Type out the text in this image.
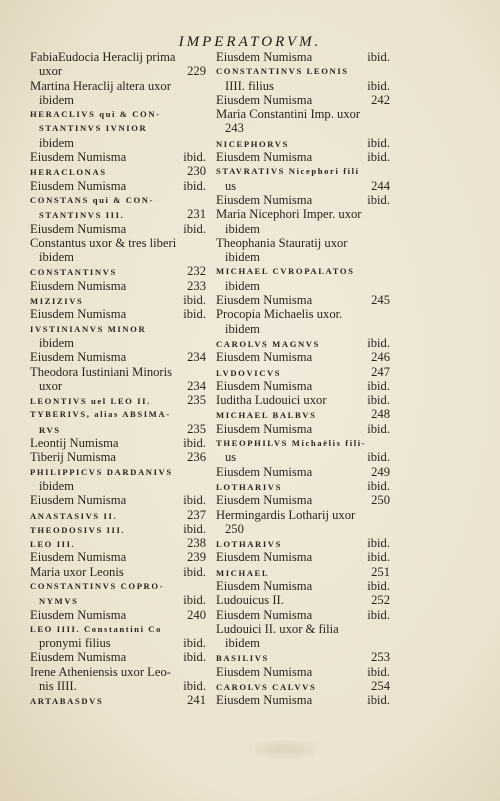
IMPERATORVM.
FabiaEudocia Heraclij prima
uxor	229
Martina Heraclij altera uxor
ibidem
HERACLIVS qui & CON-
STANTINVS IVNIOR
ibidem
Eiusdem Numisma	ibid.
HERACLONAS	230
Eiusdem Numisma	ibid.
CONSTANS qui & CON-
STANTINVS III.	231
Eiusdem Numisma	ibid.
Constantus uxor & tres liberi
ibidem
CONSTANTINVS	232
Eiusdem Numisma	233
MIZIZIVS	ibid.
Eiusdem Numisma	ibid.
IVSTINIANVS MINOR
ibidem
Eiusdem Numisma	234
Theodora Iustiniani Minoris
uxor	234
LEONTIVS uel LEO II.	235
TYBERIVS, alias ABSIMA-
RVS	235
Leontij Numisma	ibid.
Tiberij Numisma	236
PHILIPPICVS DARDANIVS
ibidem
Eiusdem Numisma	ibid.
ANASTASIVS II.	237
THEODOSIVS III.	ibid.
LEO III.	238
Eiusdem Numisma	239
Maria uxor Leonis	ibid.
CONSTANTINVS COPRO-
NYMVS	ibid.
Eiusdem Numisma	240
LEO IIII. Constantini Co
pronymi filius	ibid.
Eiusdem Numisma	ibid.
Irene Atheniensis uxor Leo-
nis IIII.	ibid.
ARTABASDVS	241
Eiusdem Numisma	ibid.
CONSTANTINVS LEONIS
IIII. filius	ibid.
Eiusdem Numisma	242
Maria Constantini Imp. uxor
243
NICEPHORVS	ibid.
Eiusdem Numisma	ibid.
STAVRATIVS Nicephori fili
us	244
Eiusdem Numisma	ibid.
Maria Nicephori Imper. uxor
ibidem
Theophania Stauratij uxor
ibidem
MICHAEL CVROPALATOS
ibidem
Eiusdem Numisma	245
Procopia Michaelis uxor.
ibidem
CAROLVS MAGNVS	ibid.
Eiusdem Numisma	246
LVDOVICVS	247
Eiusdem Numisma	ibid.
Iuditha Ludouici uxor	ibid.
MICHAEL BALBVS	248
Eiusdem Numisma	ibid.
THEOPHILVS Michaëlis fili-
us	ibid.
Eiusdem Numisma	249
LOTHARIVS	ibid.
Eiusdem Numisma	250
Hermingardis Lotharij uxor
250
LOTHARIVS	ibid.
Eiusdem Numisma	ibid.
MICHAEL	251
Eiusdem Numisma	ibid.
Ludouicus II.	252
Eiusdem Numisma	ibid.
Ludouici II. uxor & filia
ibidem
BASILIVS	253
Eiusdem Numisma	ibid.
CAROLVS CALVVS	254
Eiusdem Numisma	ibid.
